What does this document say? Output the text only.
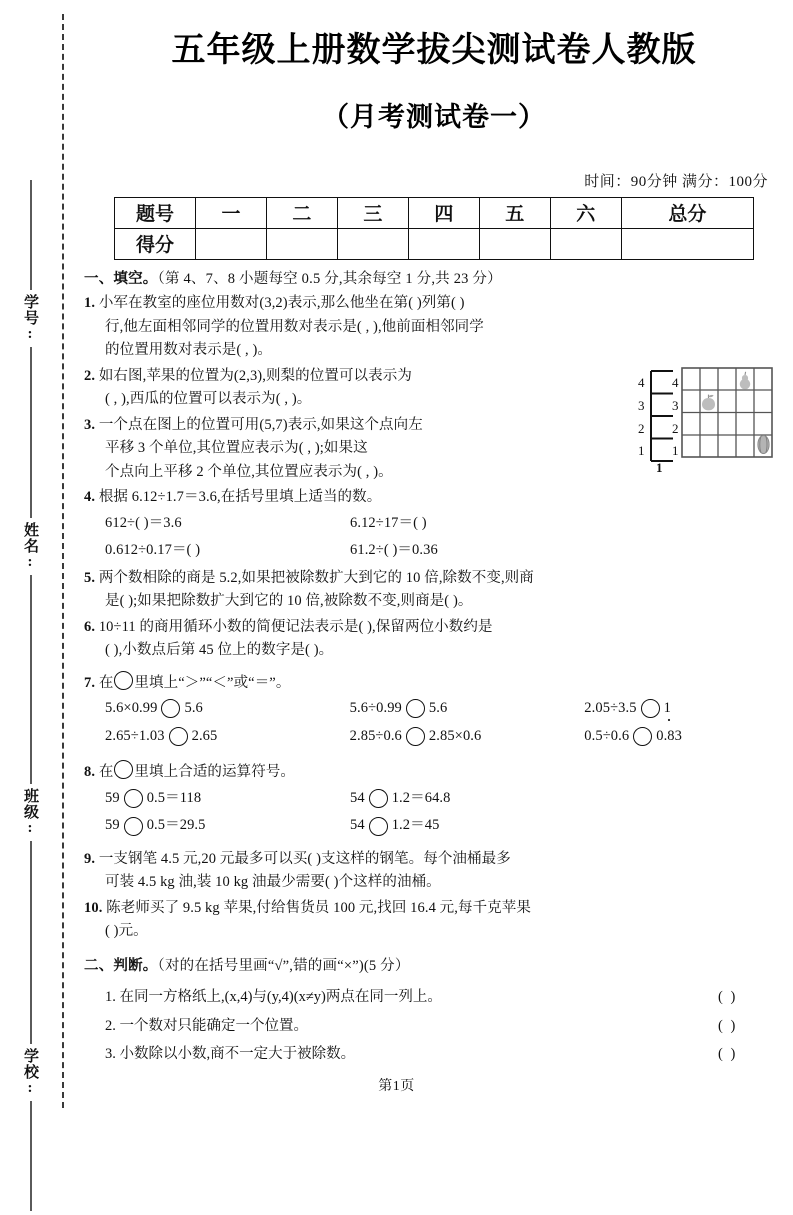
学号:
姓名:
班级:
学校:
五年级上册数学拔尖测试卷人教版
（月考测试卷一）
时间：90分钟 满分：100分
题号	一	二	三	四	五	六	总分
得分							
一、填空。（第 4、7、8 小题每空 0.5 分,其余每空 1 分,共 23 分）
1. 小军在教室的座位用数对(3,2)表示,那么他坐在第( )列第( )
行,他左面相邻同学的位置用数对表示是( , ),他前面相邻同学
的位置用数对表示是( , )。
1
1
2
3
4
1
2
3
4
2. 如右图,苹果的位置为(2,3),则梨的位置可以表示为
( , ),西瓜的位置可以表示为( , )。
3. 一个点在图上的位置可用(5,7)表示,如果这个点向左
平移 3 个单位,其位置应表示为( , );如果这
个点向上平移 2 个单位,其位置应表示为( , )。
4. 根据 6.12÷1.7＝3.6,在括号里填上适当的数。
612÷( )＝3.6	6.12÷17＝( )
0.612÷0.17＝( )	61.2÷( )＝0.36
5. 两个数相除的商是 5.2,如果把被除数扩大到它的 10 倍,除数不变,则商
是( );如果把除数扩大到它的 10 倍,被除数不变,则商是( )。
6. 10÷11 的商用循环小数的简便记法表示是( ),保留两位小数约是
( ),小数点后第 45 位上的数字是( )。
7. 在 里填上“＞”“＜”或“＝”。
5.6×0.99 5.6	5.6÷0.99 5.6	2.05÷3.5 1
2.65÷1.03 2.65	2.85÷0.6 2.85×0.6	0.5÷0.6 0.83 ·
8. 在 里填上合适的运算符号。
59 0.5＝118	54 1.2＝64.8
59 0.5＝29.5	54 1.2＝45
9. 一支钢笔 4.5 元,20 元最多可以买( )支这样的钢笔。每个油桶最多
可装 4.5 kg 油,装 10 kg 油最少需要( )个这样的油桶。
10. 陈老师买了 9.5 kg 苹果,付给售货员 100 元,找回 16.4 元,每千克苹果
( )元。
二、判断。（对的在括号里画“√”,错的画“×”)(5 分）
1. 在同一方格纸上,(x,4)与(y,4)(x≠y)两点在同一列上。	( )
2. 一个数对只能确定一个位置。	( )
3. 小数除以小数,商不一定大于被除数。	( )
第1页
